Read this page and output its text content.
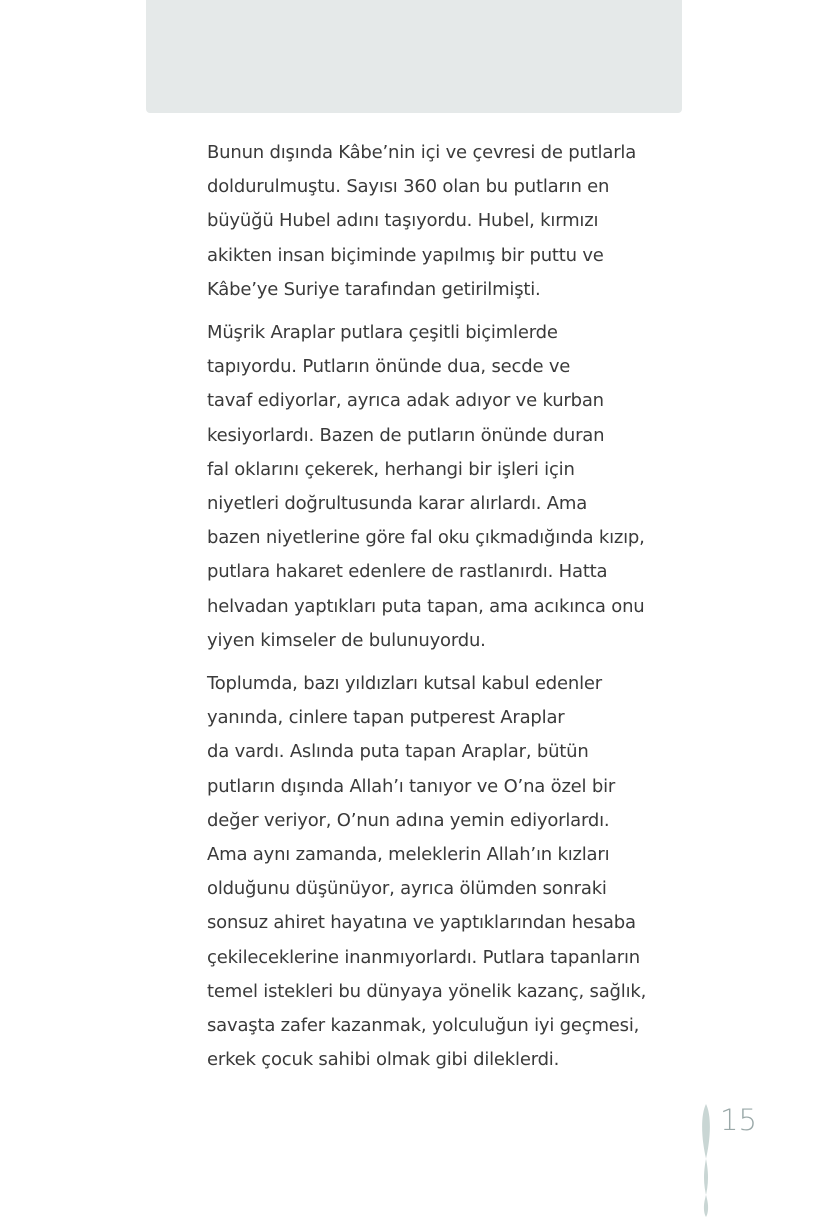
Bunun dışında Kâbe’nin içi ve çevresi de putlarla
doldurulmuştu. Sayısı 360 olan bu putların en
büyüğü Hubel adını taşıyordu. Hubel, kırmızı
akikten insan biçiminde yapılmış bir puttu ve
Kâbe’ye Suriye tarafından getirilmişti.
Müşrik Araplar putlara çeşitli biçimlerde
tapıyordu. Putların önünde dua, secde ve
tavaf ediyorlar, ayrıca adak adıyor ve kurban
kesiyorlardı. Bazen de putların önünde duran
fal oklarını çekerek, herhangi bir işleri için
niyetleri doğrultusunda karar alırlardı. Ama
bazen niyetlerine göre fal oku çıkmadığında kızıp,
putlara hakaret edenlere de rastlanırdı. Hatta
helvadan yaptıkları puta tapan, ama acıkınca onu
yiyen kimseler de bulunuyordu.
Toplumda, bazı yıldızları kutsal kabul edenler
yanında, cinlere tapan putperest Araplar
da vardı. Aslında puta tapan Araplar, bütün
putların dışında Allah’ı tanıyor ve O’na özel bir
değer veriyor, O’nun adına yemin ediyorlardı.
Ama aynı zamanda, meleklerin Allah’ın kızları
olduğunu düşünüyor, ayrıca ölümden sonraki
sonsuz ahiret hayatına ve yaptıklarından hesaba
çekileceklerine inanmıyorlardı. Putlara tapanların
temel istekleri bu dünyaya yönelik kazanç, sağlık,
savaşta zafer kazanmak, yolculuğun iyi geçmesi,
erkek çocuk sahibi olmak gibi dileklerdi.
15
